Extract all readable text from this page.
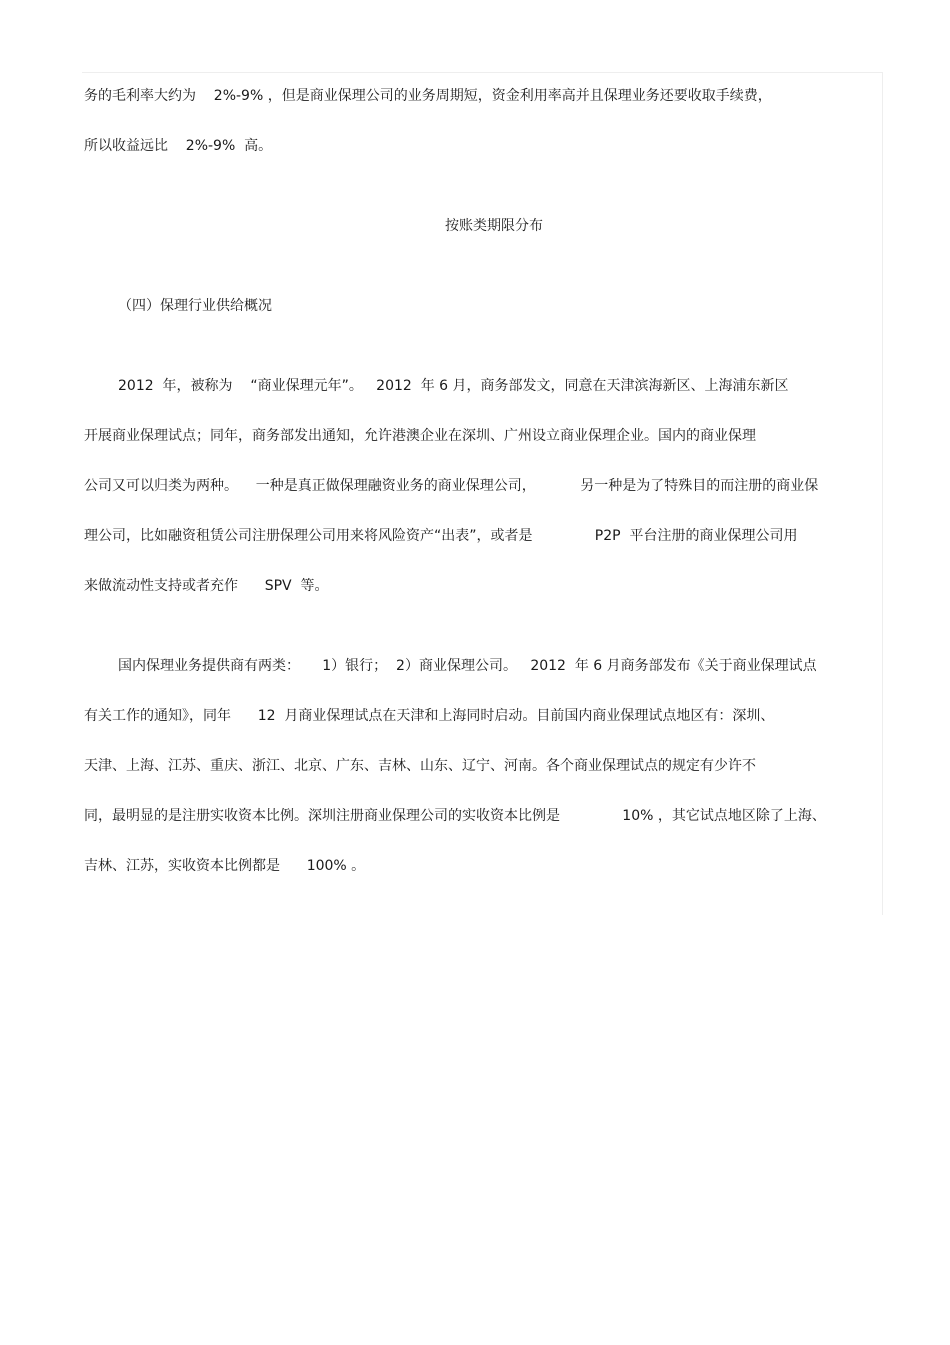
务的毛利率大约为    2%-9% ，但是商业保理公司的业务周期短，资金利用率高并且保理业务还要收取手续费，

所以收益远比    2%-9%  高。

按账类期限分布

（四）保理行业供给概况

2012  年，被称为    “商业保理元年”。   2012  年 6 月，商务部发文，同意在天津滨海新区、上海浦东新区

开展商业保理试点；同年，商务部发出通知，允许港澳企业在深圳、广州设立商业保理企业。国内的商业保理

公司又可以归类为两种。    一种是真正做保理融资业务的商业保理公司，          另一种是为了特殊目的而注册的商业保

理公司，比如融资租赁公司注册保理公司用来将风险资产“出表”，或者是              P2P  平台注册的商业保理公司用

来做流动性支持或者充作      SPV  等。

国内保理业务提供商有两类：     1）银行；  2）商业保理公司。   2012  年 6 月商务部发布《关于商业保理试点

有关工作的通知》，同年      12  月商业保理试点在天津和上海同时启动。目前国内商业保理试点地区有：深圳、

天津、上海、江苏、重庆、浙江、北京、广东、吉林、山东、辽宁、河南。各个商业保理试点的规定有少许不

同，最明显的是注册实收资本比例。深圳注册商业保理公司的实收资本比例是              10% ，其它试点地区除了上海、

吉林、江苏，实收资本比例都是      100% 。
